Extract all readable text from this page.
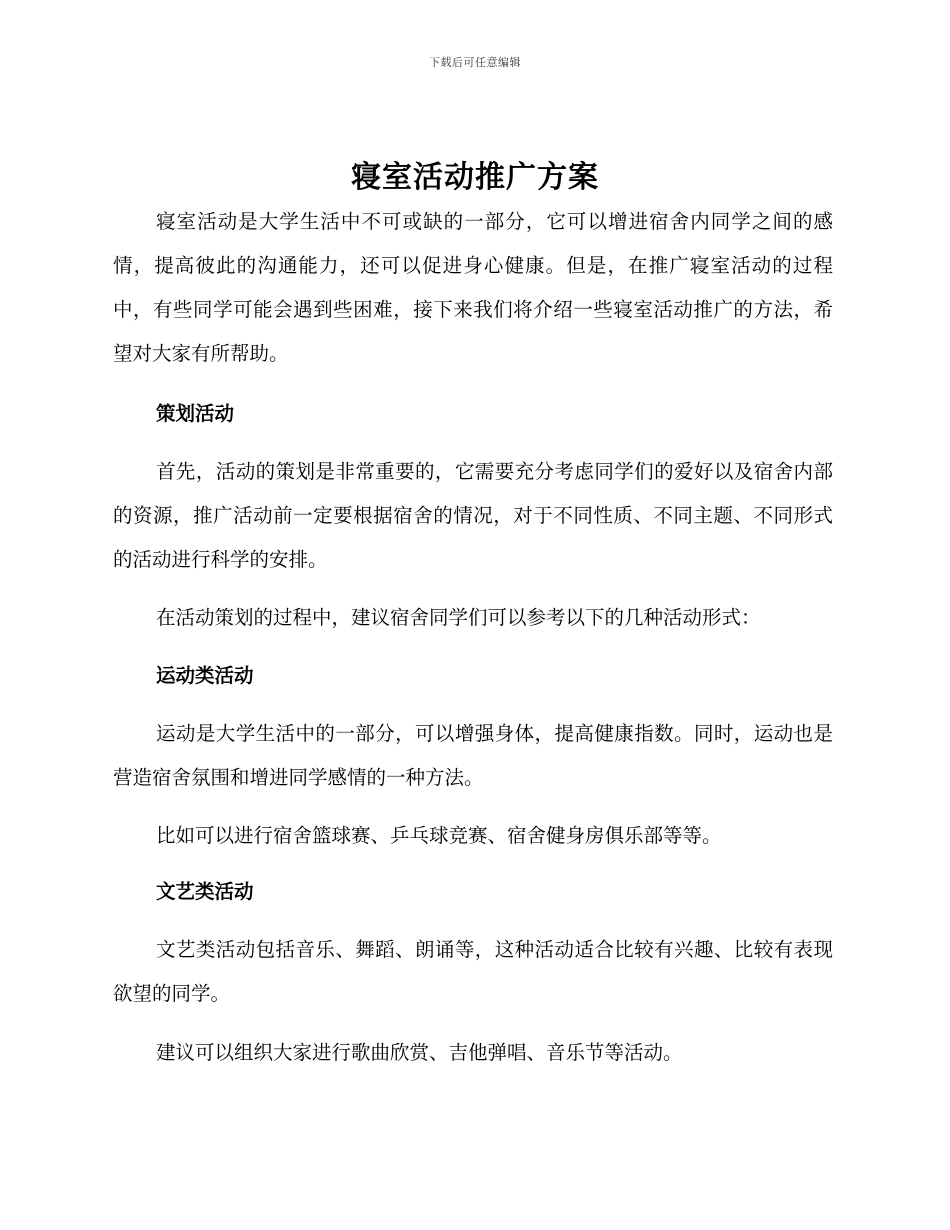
下载后可任意编辑
寝室活动推广方案

寝室活动是大学生活中不可或缺的一部分，它可以增进宿舍内同学之间的感情，提高彼此的沟通能力，还可以促进身心健康。但是，在推广寝室活动的过程中，有些同学可能会遇到些困难，接下来我们将介绍一些寝室活动推广的方法，希望对大家有所帮助。

策划活动

首先，活动的策划是非常重要的，它需要充分考虑同学们的爱好以及宿舍内部的资源，推广活动前一定要根据宿舍的情况，对于不同性质、不同主题、不同形式的活动进行科学的安排。

在活动策划的过程中，建议宿舍同学们可以参考以下的几种活动形式：

运动类活动

运动是大学生活中的一部分，可以增强身体，提高健康指数。同时，运动也是营造宿舍氛围和增进同学感情的一种方法。

比如可以进行宿舍篮球赛、乒乓球竞赛、宿舍健身房俱乐部等等。

文艺类活动

文艺类活动包括音乐、舞蹈、朗诵等，这种活动适合比较有兴趣、比较有表现欲望的同学。

建议可以组织大家进行歌曲欣赏、吉他弹唱、音乐节等活动。
